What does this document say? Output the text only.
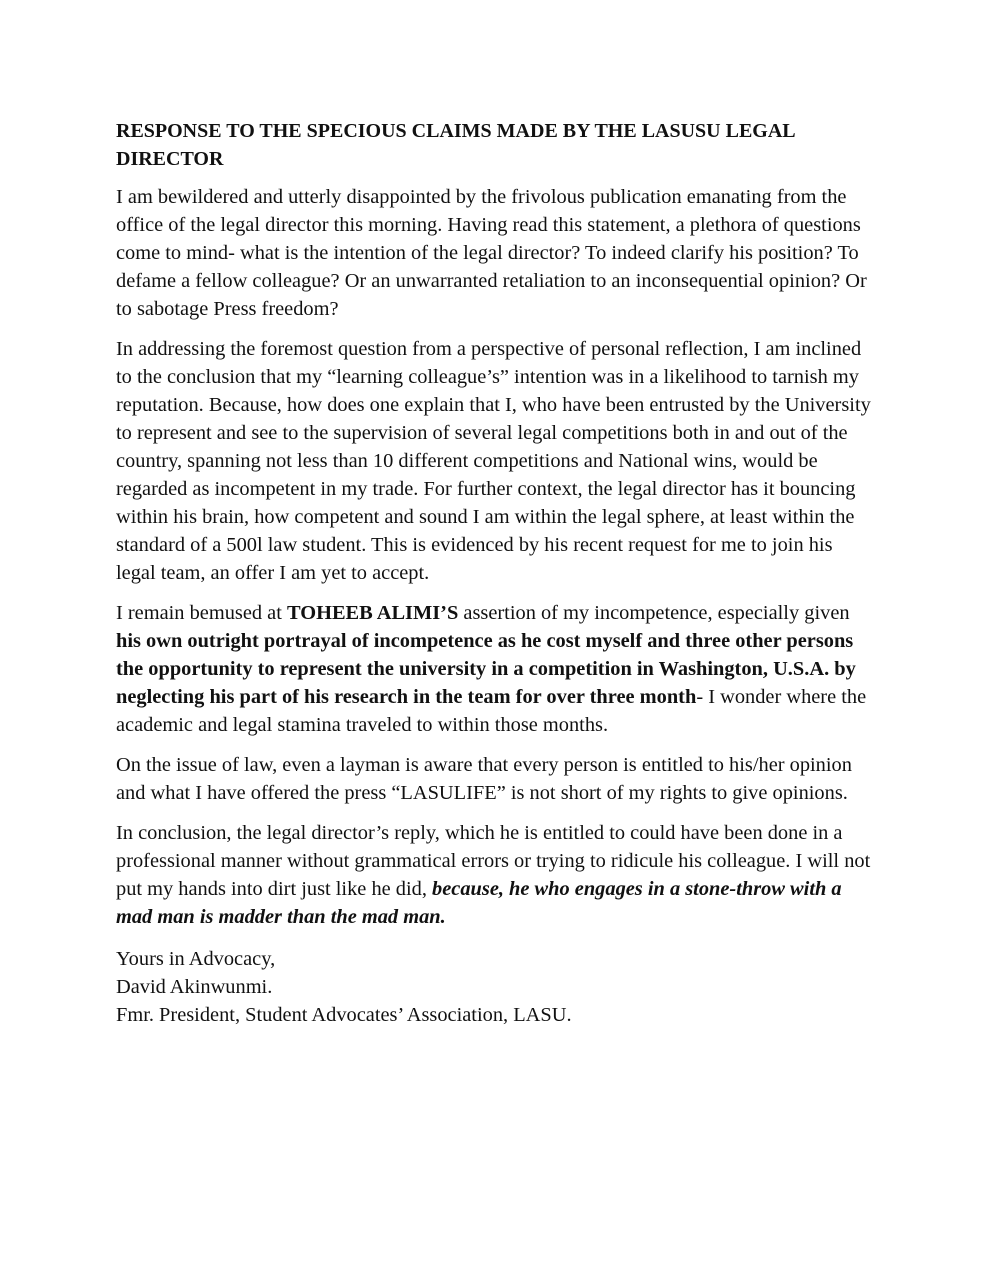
RESPONSE TO THE SPECIOUS CLAIMS MADE BY THE LASUSU LEGAL DIRECTOR

I am bewildered and utterly disappointed by the frivolous publication emanating from the office of the legal director this morning. Having read this statement, a plethora of questions come to mind- what is the intention of the legal director? To indeed clarify his position? To defame a fellow colleague? Or an unwarranted retaliation to an inconsequential opinion? Or to sabotage Press freedom?

In addressing the foremost question from a perspective of personal reflection, I am inclined to the conclusion that my “learning colleague’s” intention was in a likelihood to tarnish my reputation. Because, how does one explain that I, who have been entrusted by the University to represent and see to the supervision of several legal competitions both in and out of the country, spanning not less than 10 different competitions and National wins, would be regarded as incompetent in my trade. For further context, the legal director has it bouncing within his brain, how competent and sound I am within the legal sphere, at least within the standard of a 500l law student. This is evidenced by his recent request for me to join his legal team, an offer I am yet to accept.

I remain bemused at TOHEEB ALIMI’S assertion of my incompetence, especially given his own outright portrayal of incompetence as he cost myself and three other persons the opportunity to represent the university in a competition in Washington, U.S.A. by neglecting his part of his research in the team for over three month- I wonder where the academic and legal stamina traveled to within those months.

On the issue of law, even a layman is aware that every person is entitled to his/her opinion and what I have offered the press “LASULIFE” is not short of my rights to give opinions.

In conclusion, the legal director’s reply, which he is entitled to could have been done in a professional manner without grammatical errors or trying to ridicule his colleague. I will not put my hands into dirt just like he did, because, he who engages in a stone-throw with a mad man is madder than the mad man.

Yours in Advocacy,
David Akinwunmi.
Fmr. President, Student Advocates’ Association, LASU.
